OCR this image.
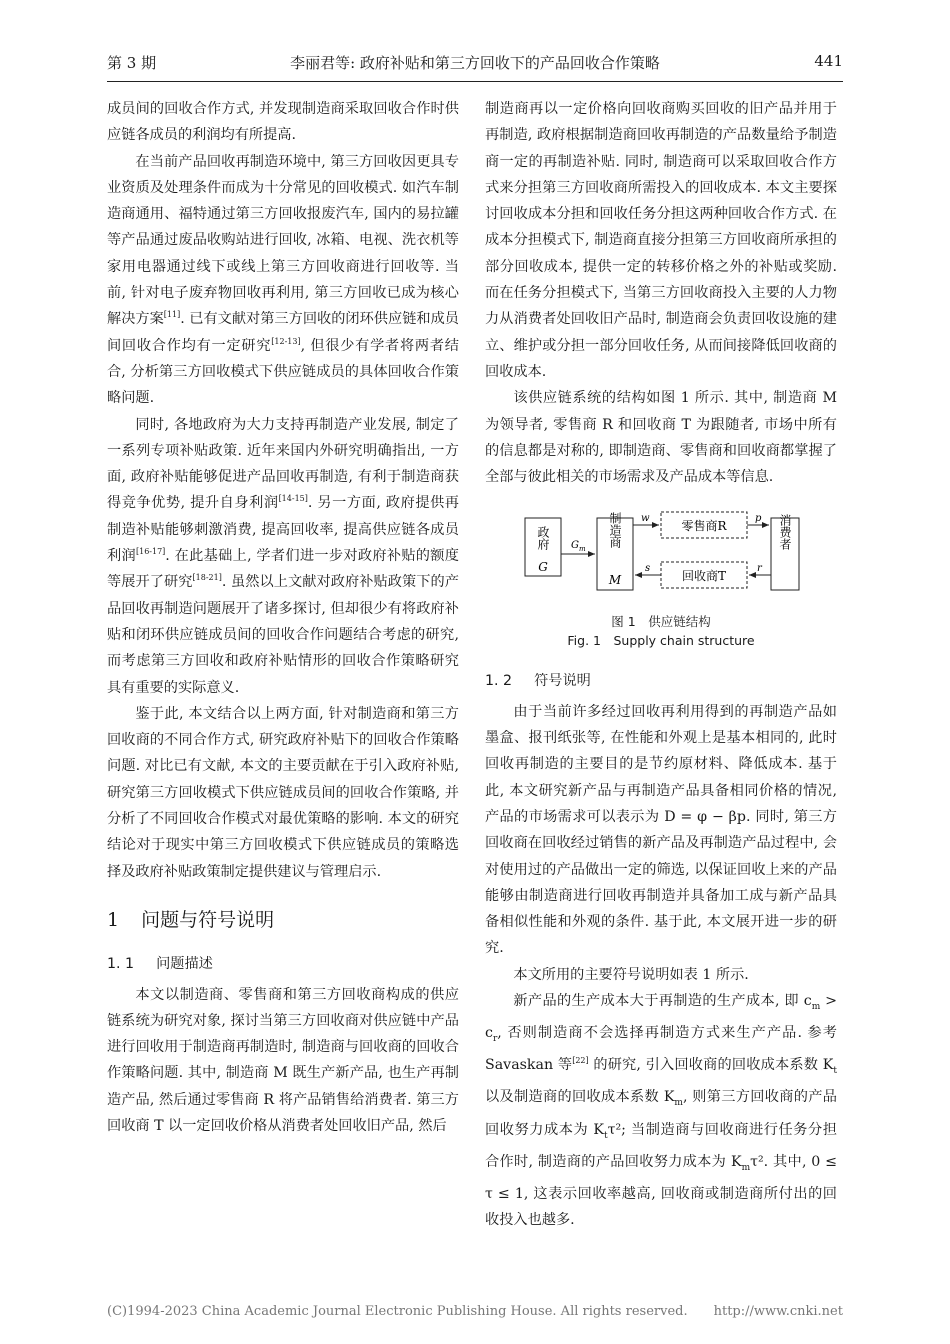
第 3 期	李丽君等: 政府补贴和第三方回收下的产品回收合作策略	441

成员间的回收合作方式, 并发现制造商采取回收合作时供应链各成员的利润均有所提高.

在当前产品回收再制造环境中, 第三方回收因更具专业资质及处理条件而成为十分常见的回收模式. 如汽车制造商通用、福特通过第三方回收报废汽车, 国内的易拉罐等产品通过废品收购站进行回收, 冰箱、电视、洗衣机等家用电器通过线下或线上第三方回收商进行回收等. 当前, 针对电子废弃物回收再利用, 第三方回收已成为核心解决方案[11]. 已有文献对第三方回收的闭环供应链和成员间回收合作均有一定研究[12-13], 但很少有学者将两者结合, 分析第三方回收模式下供应链成员的具体回收合作策略问题.

同时, 各地政府为大力支持再制造产业发展, 制定了一系列专项补贴政策. 近年来国内外研究明确指出, 一方面, 政府补贴能够促进产品回收再制造, 有利于制造商获得竞争优势, 提升自身利润[14-15]. 另一方面, 政府提供再制造补贴能够刺激消费, 提高回收率, 提高供应链各成员利润[16-17]. 在此基础上, 学者们进一步对政府补贴的额度等展开了研究[18-21]. 虽然以上文献对政府补贴政策下的产品回收再制造问题展开了诸多探讨, 但却很少有将政府补贴和闭环供应链成员间的回收合作问题结合考虑的研究, 而考虑第三方回收和政府补贴情形的回收合作策略研究具有重要的实际意义.

鉴于此, 本文结合以上两方面, 针对制造商和第三方回收商的不同合作方式, 研究政府补贴下的回收合作策略问题. 对比已有文献, 本文的主要贡献在于引入政府补贴, 研究第三方回收模式下供应链成员间的回收合作策略, 并分析了不同回收合作模式对最优策略的影响. 本文的研究结论对于现实中第三方回收模式下供应链成员的策略选择及政府补贴政策制定提供建议与管理启示.

1 问题与符号说明
1. 1 问题描述

本文以制造商、零售商和第三方回收商构成的供应链系统为研究对象, 探讨当第三方回收商对供应链中产品进行回收用于制造商再制造时, 制造商与回收商的回收合作策略问题. 其中, 制造商 M 既生产新产品, 也生产再制造产品, 然后通过零售商 R 将产品销售给消费者. 第三方回收商 T 以一定回收价格从消费者处回收旧产品, 然后

制造商再以一定价格向回收商购买回收的旧产品并用于再制造, 政府根据制造商回收再制造的产品数量给予制造商一定的再制造补贴. 同时, 制造商可以采取回收合作方式来分担第三方回收商所需投入的回收成本. 本文主要探讨回收成本分担和回收任务分担这两种回收合作方式. 在成本分担模式下, 制造商直接分担第三方回收商所承担的部分回收成本, 提供一定的转移价格之外的补贴或奖励. 而在任务分担模式下, 当第三方回收商投入主要的人力物力从消费者处回收旧产品时, 制造商会负责回收设施的建立、维护或分担一部分回收任务, 从而间接降低回收商的回收成本.

该供应链系统的结构如图 1 所示. 其中, 制造商 M 为领导者, 零售商 R 和回收商 T 为跟随者, 市场中所有的信息都是对称的, 即制造商、零售商和回收商都掌握了全部与彼此相关的市场需求及产品成本等信息.

政府
G
制造商
M
零售商R
回收商T
消费者
$G_m$
w	p
s	r
图 1　供应链结构
Fig. 1　Supply chain structure
1. 2 符号说明

由于当前许多经过回收再利用得到的再制造产品如墨盒、报刊纸张等, 在性能和外观上是基本相同的, 此时回收再制造的主要目的是节约原材料、降低成本. 基于此, 本文研究新产品与再制造产品具备相同价格的情况, 产品的市场需求可以表示为 D = φ − βp. 同时, 第三方回收商在回收经过销售的新产品及再制造产品过程中, 会对使用过的产品做出一定的筛选, 以保证回收上来的产品能够由制造商进行回收再制造并具备加工成与新产品具备相似性能和外观的条件. 基于此, 本文展开进一步的研究.

本文所用的主要符号说明如表 1 所示.

新产品的生产成本大于再制造的生产成本, 即 $c_m > c_r$, 否则制造商不会选择再制造方式来生产产品. 参考 Savaskan 等[22] 的研究, 引入回收商的回收成本系数 $K_t$ 以及制造商的回收成本系数 $K_m$, 则第三方回收商的产品回收努力成本为 $K_t\tau^2$; 当制造商与回收商进行任务分担合作时, 制造商的产品回收努力成本为 $K_m\tau^2$. 其中, 0 ≤ τ ≤ 1, 这表示回收率越高, 回收商或制造商所付出的回收投入也越多.

(C)1994-2023 China Academic Journal Electronic Publishing House. All rights reserved.　　http://www.cnki.net
